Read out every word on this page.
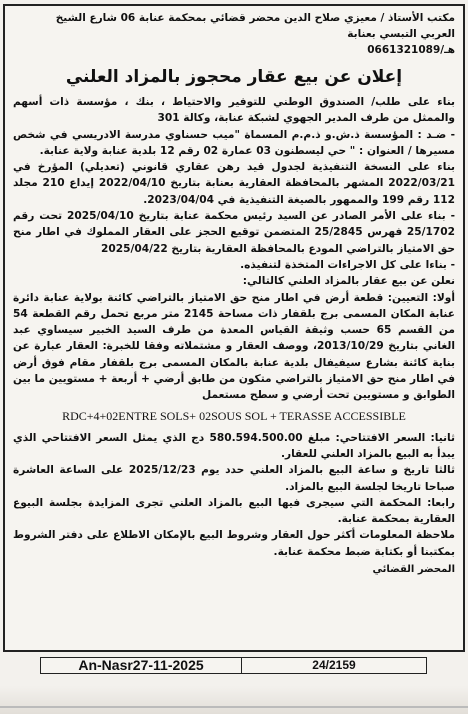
مكتب الأستاذ / معيزي صلاح الدين محضر قضائي بمحكمة عنابة 06 شارع الشيخ
العربي التبسي بعنابة
هـ/0661321089
إعلان عن بيع عقار محجوز بالمزاد العلني

بناء على طلب/ الصندوق الوطني للتوفير والاحتياط ، بنك ، مؤسسة ذات أسهم والممثل من طرف المدير الجهوي لشبكة عنابة، وكالة 301

- ضـد : المؤسسة ذ.ش.و ذ.م.م المسماة "ميب حسناوي مدرسة الادريسي في شخص مسيرها / العنوان : " حي ليسطنون 03 عمارة 02 رقم 12 بلدية عنابة ولاية عنابة.

بناء على النسخة التنفيذية لجدول قيد رهن عقاري قانوني (تعديلي) المؤرخ في 2022/03/21 المشهر بالمحافظة العقارية بعنابة بتاريخ 2022/04/10 إيداع 210 مجلد 112 رقم 199 والممهور بالصيغة التنفيذية في 2023/04/04.

- بناء على الأمر الصادر عن السيد رئيس محكمة عنابة بتاريخ 2025/04/10 تحت رقم 25/1702 فهرس 25/2845 المتضمن توقيع الحجز على العقار المملوك في اطار منح حق الامتياز بالتراضي المودع بالمحافظة العقارية بتاريخ 2025/04/22

- بناءا على كل الاجراءات المتخذة لتنفيذه.

نعلن عن بيع عقار بالمزاد العلني كالتالي:

أولا: التعيين: قطعة أرض في اطار منح حق الامتياز بالتراضي كائنة بولاية عنابة دائرة عنابة المكان المسمى برج بلقفار ذات مساحة 2145 متر مربع تحمل رقم القطعة 54 من القسم 65 حسب وثيقة القياس المعدة من طرف السيد الخبير سيساوي عبد الغاني بتاريخ 2013/10/29، ووصف العقار و مشتملاته وفقا للخبرة: العقار عبارة عن بناية كائنة بشارع سيفيفال بلدية عنابة بالمكان المسمى برج بلقفار مقام فوق أرض في اطار منح حق الامتياز بالتراضي متكون من طابق أرضي + أربعة + مستويين ما بين الطوابق و مستويين تحت أرضي و سطح مستعمل

RDC+4+02ENTRE SOLS+ 02SOUS SOL + TERASSE ACCESSIBLE

ثانيا: السعر الافتتاحي: مبلغ 580.594.500.00 دج الذي يمثل السعر الافتتاحي الذي يبدأ به البيع بالمزاد العلني للعقار.

ثالثا تاريخ و ساعة البيع بالمزاد العلني حدد يوم 2025/12/23 على الساعة العاشرة صباحا تاريخا لجلسة البيع بالمزاد.

رابعا: المحكمة التي سيجرى فيها البيع بالمزاد العلني تجرى المزايدة بجلسة البيوع العقارية بمحكمة عنابة.

ملاحظة المعلومات أكثر حول العقار وشروط البيع بالإمكان الاطلاع على دفتر الشروط بمكتبنا أو بكتابة ضبط محكمة عنابة.

المحضر القضائي
An-Nasr27-11-2025	24/2159
